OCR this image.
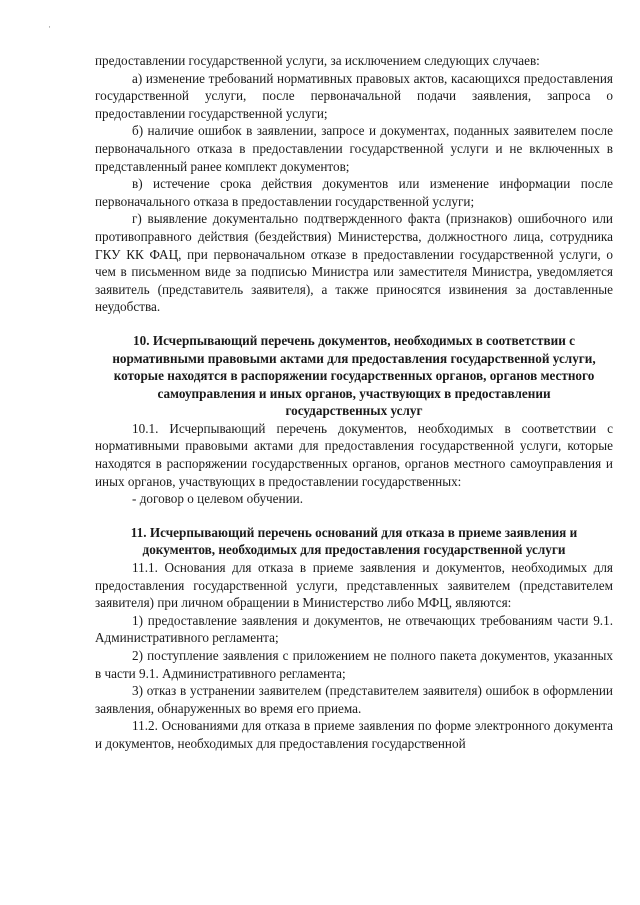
·

предоставлении государственной услуги, за исключением следующих случаев:

а) изменение требований нормативных правовых актов, касающихся предоставления государственной услуги, после первоначальной подачи заявления, запроса о предоставлении государственной услуги;

б) наличие ошибок в заявлении, запросе и документах, поданных заявителем после первоначального отказа в предоставлении государственной услуги и не включенных в представленный ранее комплект документов;

в) истечение срока действия документов или изменение информации после первоначального отказа в предоставлении государственной услуги;

г) выявление документально подтвержденного факта (признаков) ошибочного или противоправного действия (бездействия) Министерства, должностного лица, сотрудника ГКУ КК ФАЦ, при первоначальном отказе в предоставлении государственной услуги, о чем в письменном виде за подписью Министра или заместителя Министра, уведомляется заявитель (представитель заявителя), а также приносятся извинения за доставленные неудобства.

10. Исчерпывающий перечень документов, необходимых в соответствии с нормативными правовыми актами для предоставления государственной услуги, которые находятся в распоряжении государственных органов, органов местного самоуправления и иных органов, участвующих в предоставлении государственных услуг

10.1. Исчерпывающий перечень документов, необходимых в соответствии с нормативными правовыми актами для предоставления государственной услуги, которые находятся в распоряжении государственных органов, органов местного самоуправления и иных органов, участвующих в предоставлении государственных:

- договор о целевом обучении.

11. Исчерпывающий перечень оснований для отказа в приеме заявления и документов, необходимых для предоставления государственной услуги

11.1. Основания для отказа в приеме заявления и документов, необходимых для предоставления государственной услуги, представленных заявителем (представителем заявителя) при личном обращении в Министерство либо МФЦ, являются:

1) предоставление заявления и документов, не отвечающих требованиям части 9.1. Административного регламента;

2) поступление заявления с приложением не полного пакета документов, указанных в части 9.1. Административного регламента;

3) отказ в устранении заявителем (представителем заявителя) ошибок в оформлении заявления, обнаруженных во время его приема.

11.2. Основаниями для отказа в приеме заявления по форме электронного документа и документов, необходимых для предоставления государственной
